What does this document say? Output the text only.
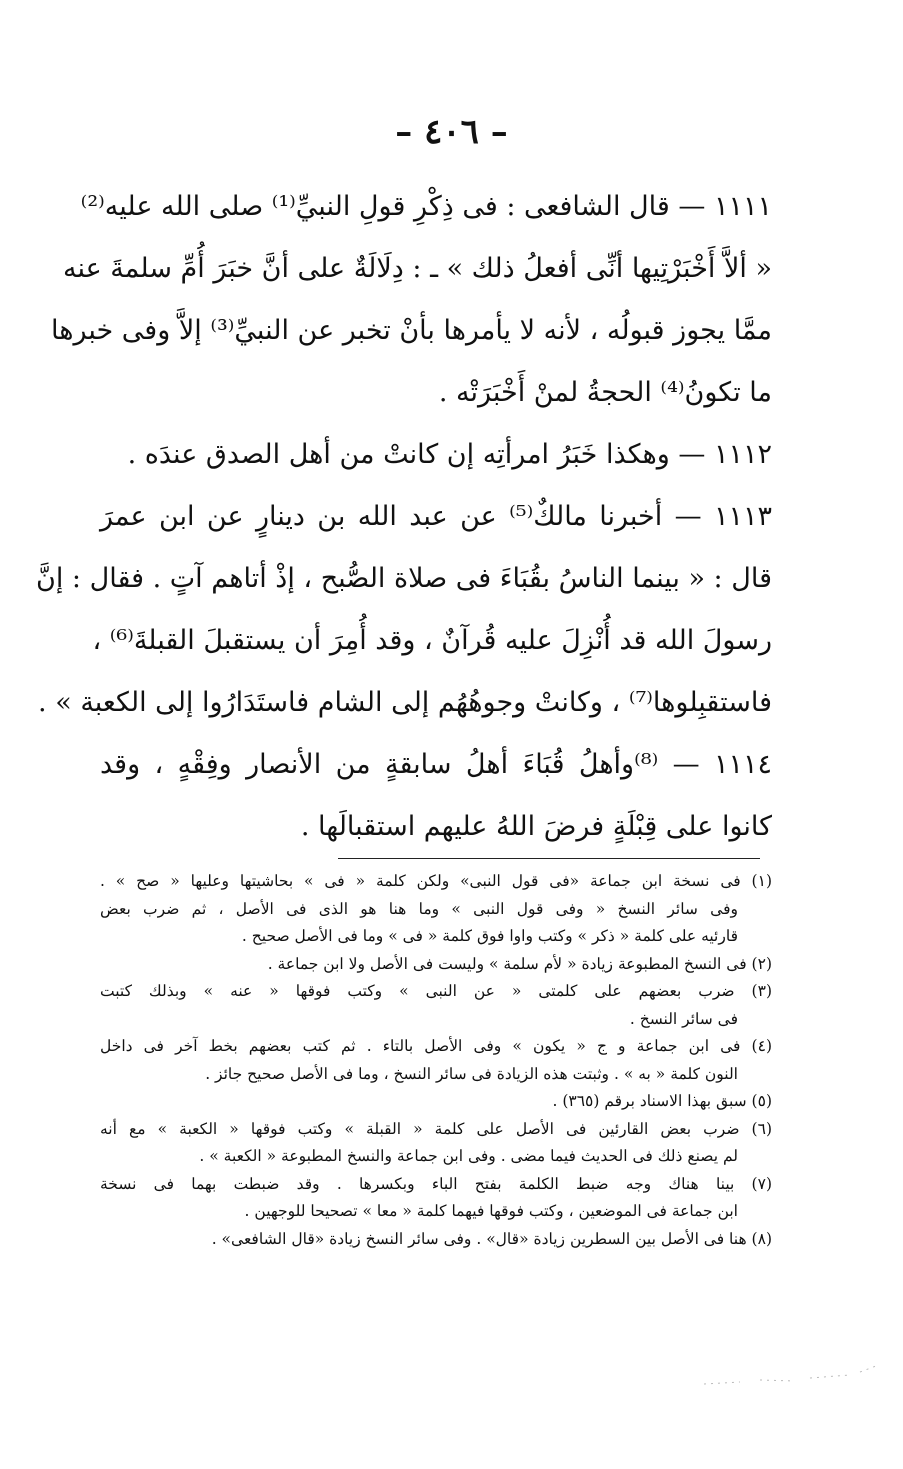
– ٤٠٦ –
١١١١ — قال الشافعى : فى ذِكْرِ قولِ النبيِّ⁽¹⁾ صلى الله عليه⁽²⁾
« ألاَّ أَخْبَرْتِيها أنِّى أفعلُ ذلك » ـ : دِلَالَةٌ على أنَّ خبَرَ أُمِّ سلمةَ عنه
ممَّا يجوز قبولُه ، لأنه لا يأمرها بأنْ تخبر عن النبيِّ⁽³⁾ إلاَّ وفى خبرها
ما تكونُ⁽⁴⁾ الحجةُ لمنْ أَخْبَرَتْه .
١١١٢ — وهكذا خَبَرُ امرأتِه إن كانتْ من أهل الصدق عندَه .
١١١٣ — أخبرنا مالكٌ⁽⁵⁾ عن عبد الله بن دينارٍ عن ابن عمرَ
قال : « بينما الناسُ بقُبَاءَ فى صلاة الصُّبح ، إذْ أتاهم آتٍ . فقال : إنَّ
رسولَ الله قد أُنْزِلَ عليه قُرآنٌ ، وقد أُمِرَ أن يستقبلَ القبلةَ⁽⁶⁾ ،
فاستقبِلوها⁽⁷⁾ ، وكانتْ وجوهُهُم إلى الشام فاستَدَارُوا إلى الكعبة » .
١١١٤ — ⁽⁸⁾وأهلُ قُبَاءَ أهلُ سابقةٍ من الأنصار وفِقْهٍ ، وقد
كانوا على قِبْلَةٍ فرضَ اللهُ عليهم استقبالَها .
(١) فى نسخة ابن جماعة «فى قول النبى» ولكن كلمة « فى » بحاشيتها وعليها « صح » .
وفى سائر النسخ « وفى قول النبى » وما هنا هو الذى فى الأصل ، ثم ضرب بعض
قارئيه على كلمة « ذكر » وكتب واوا فوق كلمة « فى » وما فى الأصل صحيح .
(٢) فى النسخ المطبوعة زيادة « لأم سلمة » وليست فى الأصل ولا ابن جماعة .
(٣) ضرب بعضهم على كلمتى « عن النبى » وكتب فوقها « عنه » وبذلك كتبت
فى سائر النسخ .
(٤) فى ابن جماعة و ج « يكون » وفى الأصل بالتاء . ثم كتب بعضهم بخط آخر فى داخل
النون كلمة « به » . وثبتت هذه الزيادة فى سائر النسخ ، وما فى الأصل صحيح جائز .
(٥) سبق بهذا الاسناد برقم (٣٦٥) .
(٦) ضرب بعض القارئين فى الأصل على كلمة « القبلة » وكتب فوقها « الكعبة » مع أنه
لم يصنع ذلك فى الحديث فيما مضى . وفى ابن جماعة والنسخ المطبوعة « الكعبة » .
(٧) بينا هناك وجه ضبط الكلمة بفتح الباء وبكسرها . وقد ضبطت بهما فى نسخة
ابن جماعة فى الموضعين ، وكتب فوقها فيهما كلمة « معا » تصحيحا للوجهين .
(٨) هنا فى الأصل بين السطرين زيادة «قال» . وفى سائر النسخ زيادة «قال الشافعى» .
